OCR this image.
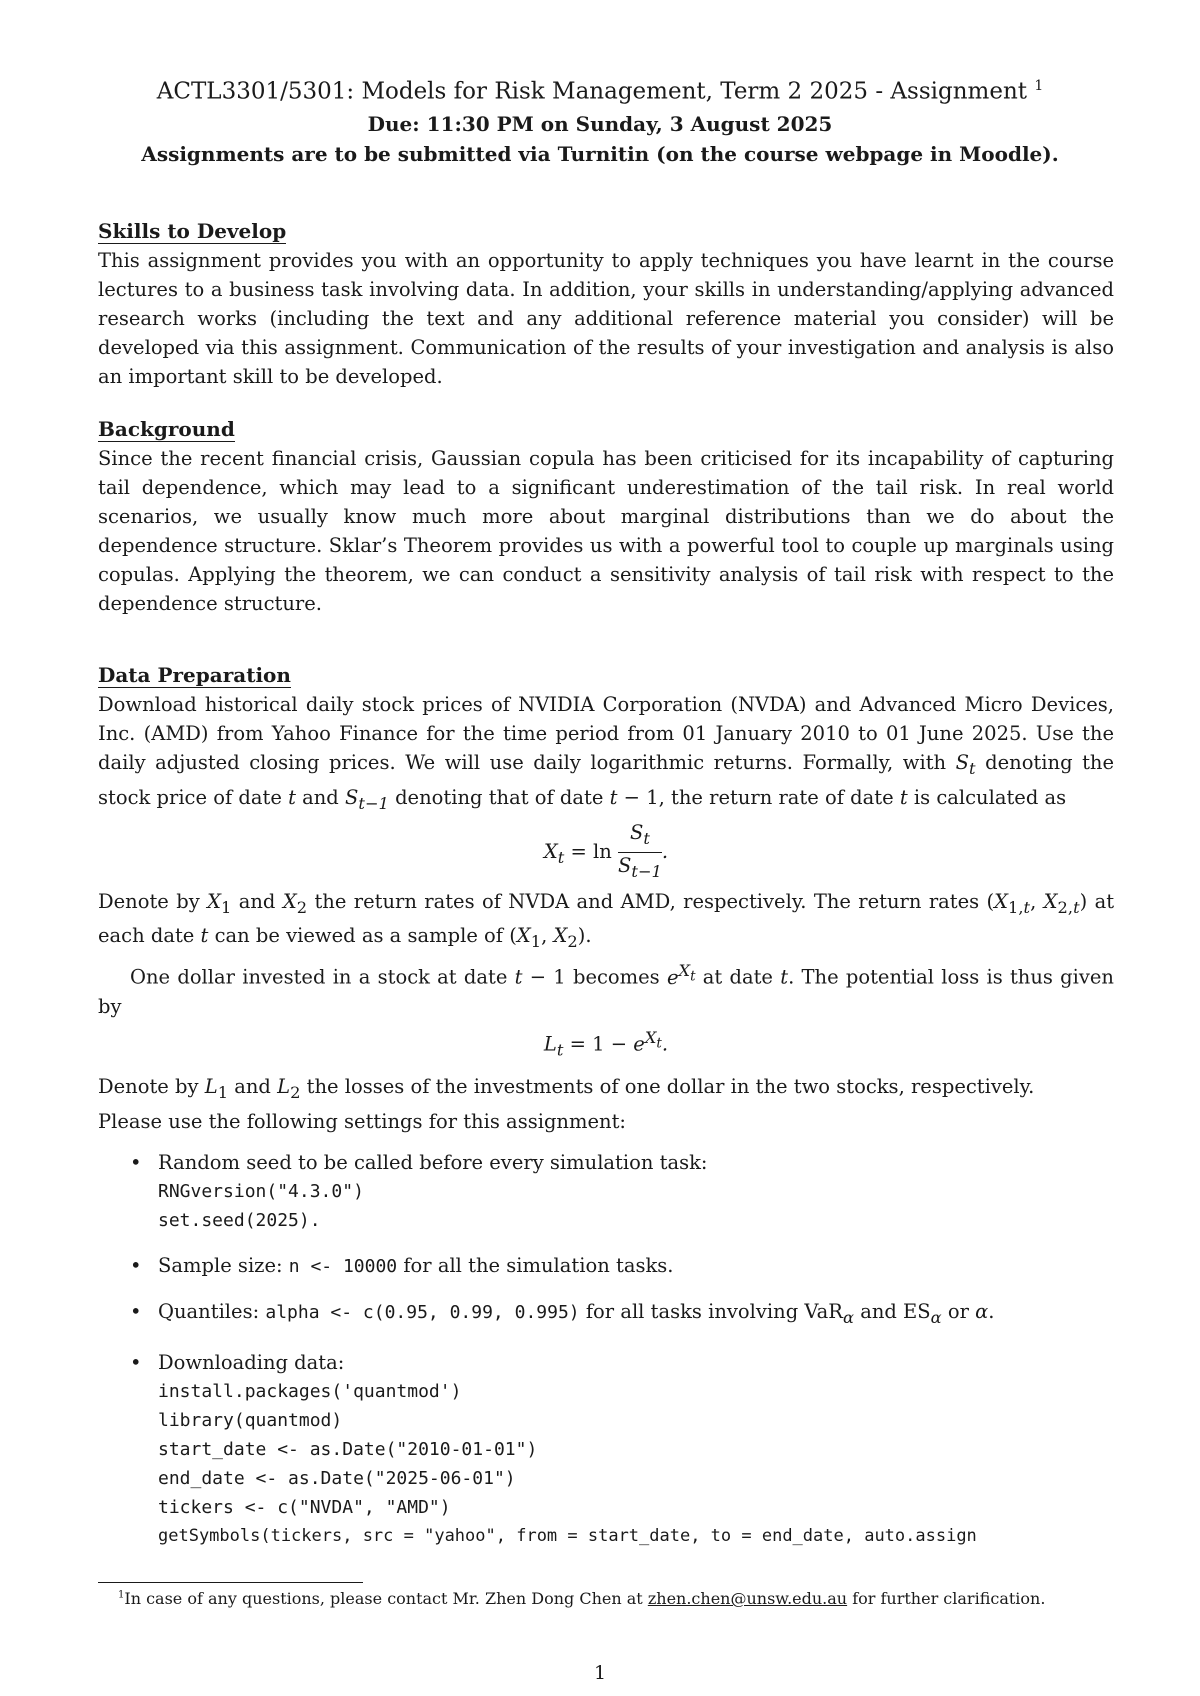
ACTL3301/5301: Models for Risk Management, Term 2 2025 - Assignment $^1$
Due: 11:30 PM on Sunday, 3 August 2025
Assignments are to be submitted via Turnitin (on the course webpage in Moodle).
Skills to Develop

This assignment provides you with an opportunity to apply techniques you have learnt in the course lectures to a business task involving data. In addition, your skills in understanding/applying advanced research works (including the text and any additional reference material you consider) will be developed via this assignment. Communication of the results of your investigation and analysis is also an important skill to be developed.

Background

Since the recent financial crisis, Gaussian copula has been criticised for its incapability of capturing tail dependence, which may lead to a significant underestimation of the tail risk. In real world scenarios, we usually know much more about marginal distributions than we do about the dependence structure. Sklar’s Theorem provides us with a powerful tool to couple up marginals using copulas. Applying the theorem, we can conduct a sensitivity analysis of tail risk with respect to the dependence structure.

Data Preparation

Download historical daily stock prices of NVIDIA Corporation (NVDA) and Advanced Micro Devices, Inc. (AMD) from Yahoo Finance for the time period from 01 January 2010 to 01 June 2025. Use the daily adjusted closing prices. We will use daily logarithmic returns. Formally, with $S_t$ denoting the stock price of date t and $S_{t-1}$ denoting that of date t − 1, the return rate of date t is calculated as

$X_t = \ln \frac{S_t}{S_{t-1}}$ .

Denote by $X_1$ and $X_2$ the return rates of NVDA and AMD, respectively. The return rates ($X_{1,t}$, $X_{2,t}$) at each date t can be viewed as a sample of ($X_1$, $X_2$).

One dollar invested in a stock at date t − 1 becomes $e^{X_t}$ at date t. The potential loss is thus given by

$L_t = 1 - e^{X_t}$.

Denote by $L_1$ and $L_2$ the losses of the investments of one dollar in the two stocks, respectively.
Please use the following settings for this assignment:

• Random seed to be called before every simulation task:
RNGversion("4.3.0")
set.seed(2025).
• Sample size: n <- 10000 for all the simulation tasks.
• Quantiles: alpha <- c(0.95, 0.99, 0.995) for all tasks involving VaR$_\alpha$ and $ES_\alpha$ or α.
• Downloading data:
install.packages('quantmod')
library(quantmod)
start_date <- as.Date("2010-01-01")
end_date <- as.Date("2025-06-01")
tickers <- c("NVDA", "AMD")
getSymbols(tickers, src = "yahoo", from = start_date, to = end_date, auto.assign
$^1$In case of any questions, please contact Mr. Zhen Dong Chen at zhen.chen@unsw.edu.au for further clarification.
1
